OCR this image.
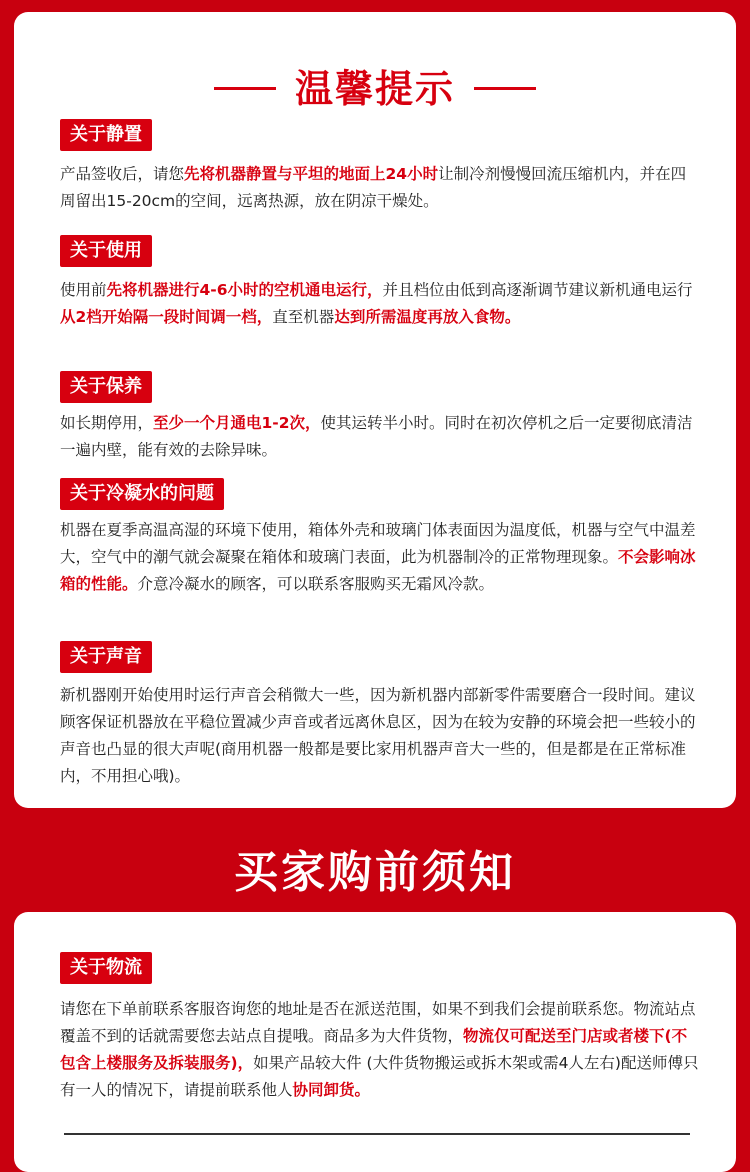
温馨提示
关于静置
产品签收后，请您先将机器静置与平坦的地面上24小时让制冷剂慢慢回流压缩机内，并在四周留出15-20cm的空间，远离热源，放在阴凉干燥处。
关于使用
使用前先将机器进行4-6小时的空机通电运行，并且档位由低到高逐渐调节建议新机通电运行从2档开始隔一段时间调一档，直至机器达到所需温度再放入食物。
关于保养
如长期停用，至少一个月通电1-2次，使其运转半小时。同时在初次停机之后一定要彻底清洁一遍内壁，能有效的去除异味。
关于冷凝水的问题
机器在夏季高温高湿的环境下使用，箱体外壳和玻璃门体表面因为温度低，机器与空气中温差大，空气中的潮气就会凝聚在箱体和玻璃门表面，此为机器制冷的正常物理现象。不会影响冰箱的性能。介意冷凝水的顾客，可以联系客服购买无霜风冷款。
关于声音
新机器刚开始使用时运行声音会稍微大一些，因为新机器内部新零件需要磨合一段时间。建议顾客保证机器放在平稳位置减少声音或者远离休息区，因为在较为安静的环境会把一些较小的声音也凸显的很大声呢(商用机器一般都是要比家用机器声音大一些的，但是都是在正常标准内，不用担心哦)。
买家购前须知
关于物流
请您在下单前联系客服咨询您的地址是否在派送范围，如果不到我们会提前联系您。物流站点覆盖不到的话就需要您去站点自提哦。商品多为大件货物，物流仅可配送至门店或者楼下(不包含上楼服务及拆装服务)，如果产品较大件 (大件货物搬运或拆木架或需4人左右)配送师傅只有一人的情况下，请提前联系他人协同卸货。
